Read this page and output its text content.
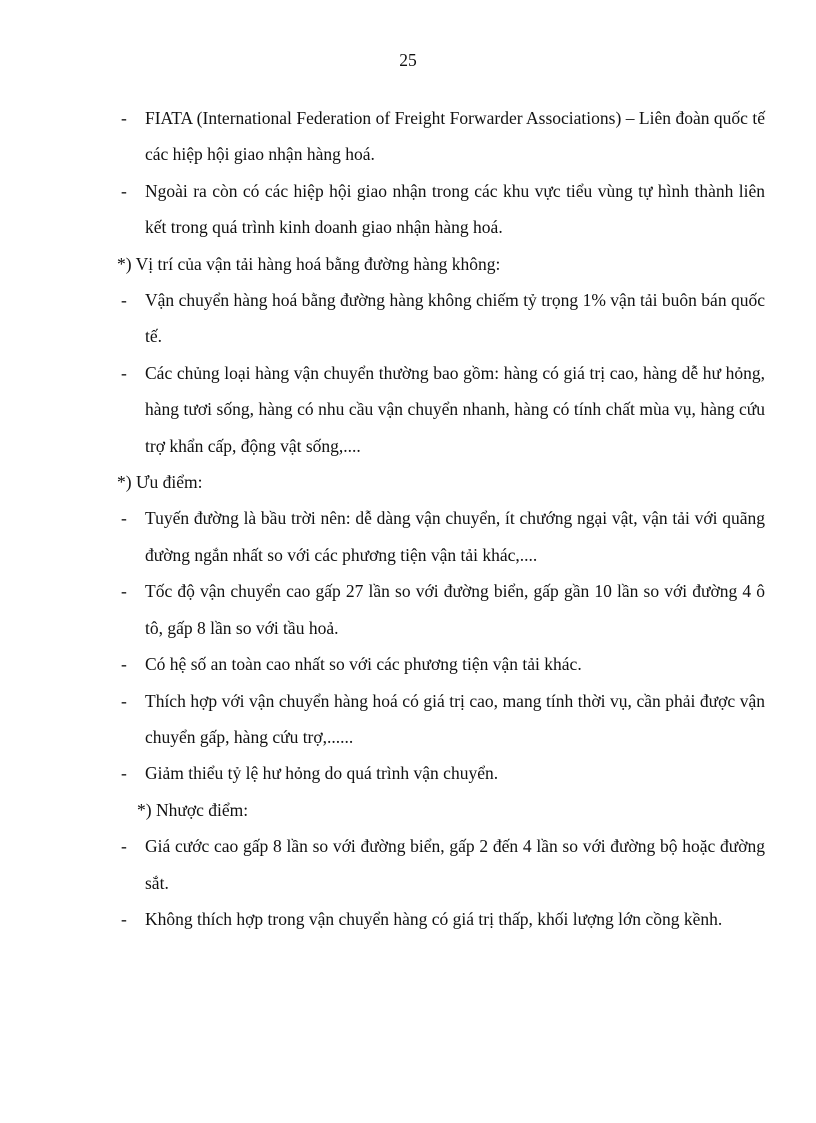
25

- FIATA (International Federation of Freight Forwarder Associations) – Liên đoàn quốc tế các hiệp hội giao nhận hàng hoá.

- Ngoài ra còn có các hiệp hội giao nhận trong các khu vực tiểu vùng tự hình thành liên kết trong quá trình kinh doanh giao nhận hàng hoá.

*) Vị trí của vận tải hàng hoá bằng đường hàng không:

- Vận chuyển hàng hoá bằng đường hàng không chiếm tỷ trọng 1% vận tải buôn bán quốc tế.

- Các chủng loại hàng vận chuyển thường bao gồm: hàng có giá trị cao, hàng dễ hư hỏng, hàng tươi sống, hàng có nhu cầu vận chuyển nhanh, hàng có tính chất mùa vụ, hàng cứu trợ khẩn cấp, động vật sống,....

*) Ưu điểm:

- Tuyến đường là bầu trời nên: dễ dàng vận chuyển, ít chướng ngại vật, vận tải với quãng đường ngắn nhất so với các phương tiện vận tải khác,....

- Tốc độ vận chuyển cao gấp 27 lần so với đường biển, gấp gần 10 lần so với đường 4 ô tô, gấp 8 lần so với tầu hoả.

- Có hệ số an toàn cao nhất so với các phương tiện vận tải khác.

- Thích hợp với vận chuyển hàng hoá có giá trị cao, mang tính thời vụ, cần phải được vận chuyển gấp, hàng cứu trợ,......

- Giảm thiểu tỷ lệ hư hỏng do quá trình vận chuyển.

*) Nhược điểm:

- Giá cước cao gấp 8 lần so với đường biển, gấp 2 đến 4 lần so với đường bộ hoặc đường sắt.

- Không thích hợp trong vận chuyển hàng có giá trị thấp, khối lượng lớn cồng kềnh.
